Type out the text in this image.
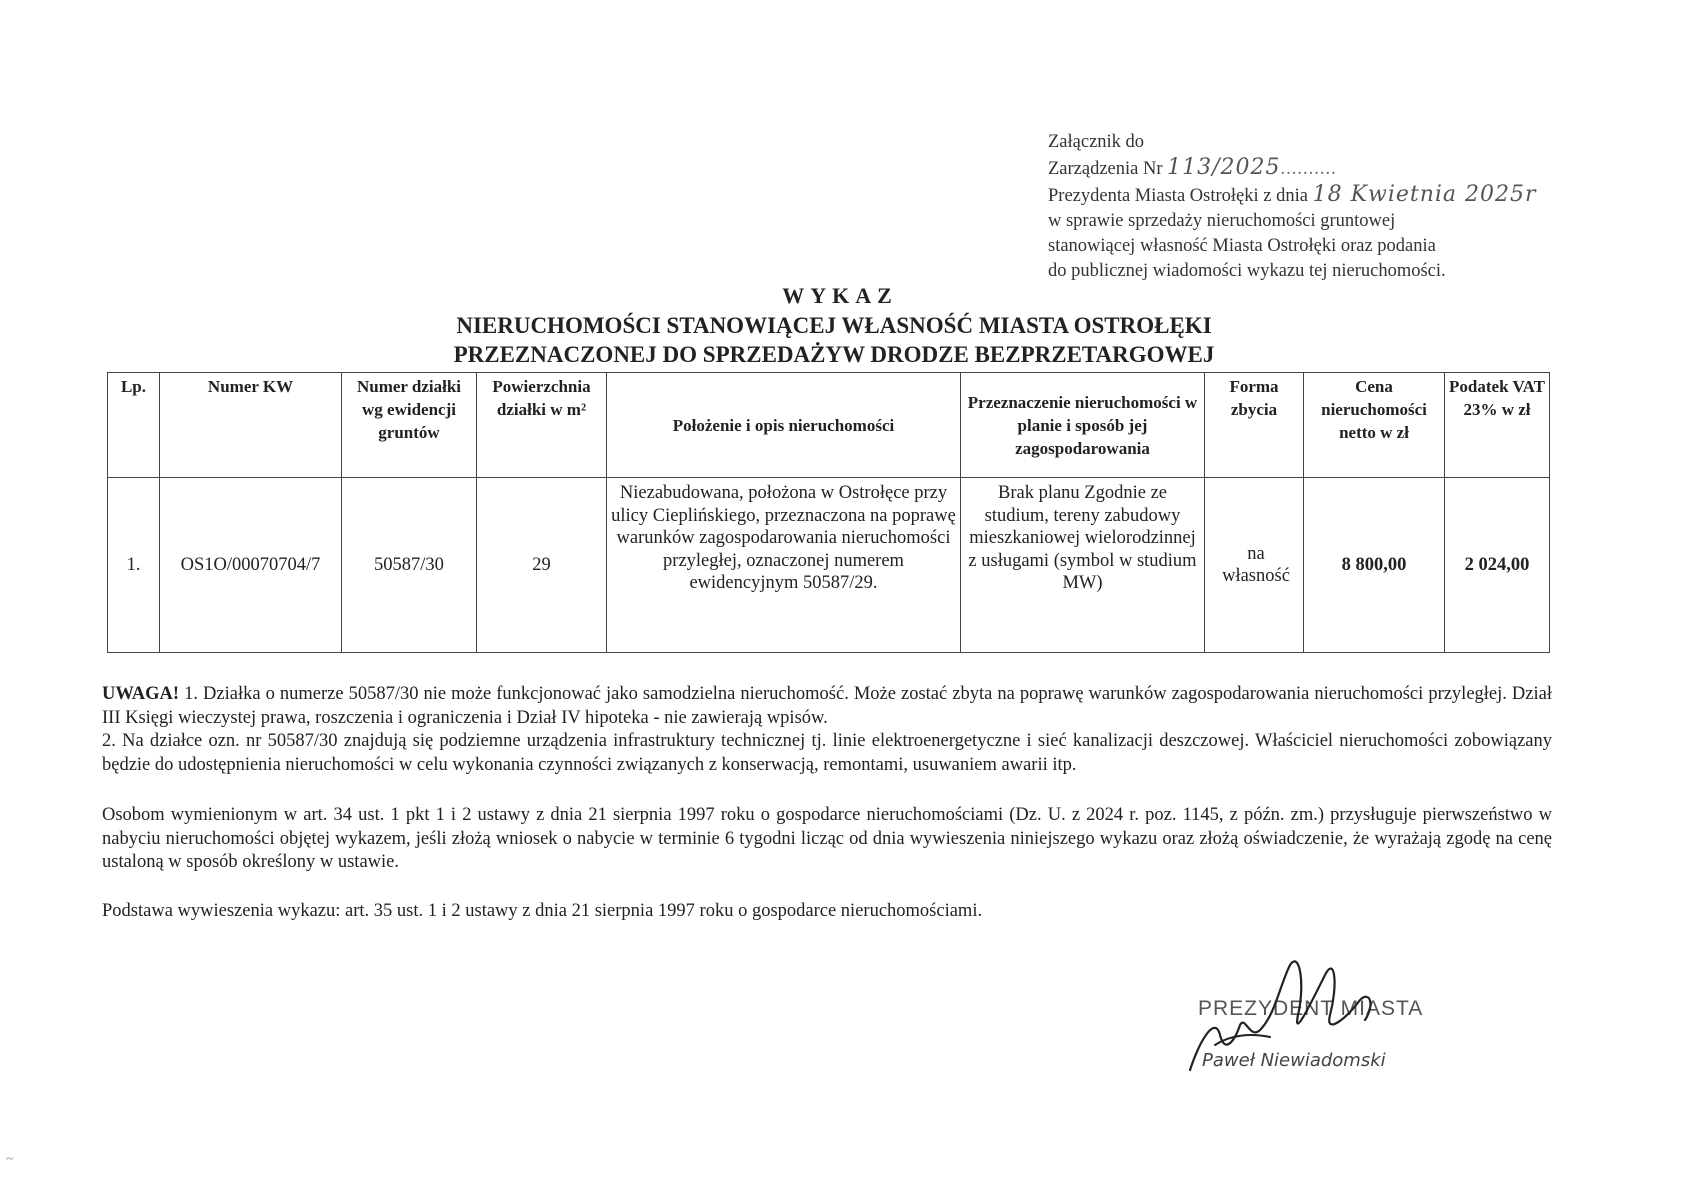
Załącznik do
Zarządzenia Nr 113/2025..........
Prezydenta Miasta Ostrołęki z dnia 18 Kwietnia 2025r
w sprawie sprzedaży nieruchomości gruntowej
stanowiącej własność Miasta Ostrołęki oraz podania
do publicznej wiadomości wykazu tej nieruchomości.
WYKAZ
NIERUCHOMOŚCI STANOWIĄCEJ WŁASNOŚĆ MIASTA OSTROŁĘKI
PRZEZNACZONEJ DO SPRZEDAŻYW DRODZE BEZPRZETARGOWEJ
Lp.	Numer KW	Numer działki wg ewidencji gruntów	Powierzchnia działki w m²	Położenie i opis nieruchomości	Przeznaczenie nieruchomości w planie i sposób jej zagospodarowania	Forma zbycia	Cena nieruchomości netto w zł	Podatek VAT 23% w zł
1.	OS1O/00070704/7	50587/30	29	Niezabudowana, położona w Ostrołęce przy ulicy Cieplińskiego, przeznaczona na poprawę warunków zagospodarowania nieruchomości przyległej, oznaczonej numerem ewidencyjnym 50587/29.	Brak planu Zgodnie ze studium, tereny zabudowy mieszkaniowej wielorodzinnej z usługami (symbol w studium MW)	na własność	8 800,00	2 024,00
UWAGA! 1. Działka o numerze 50587/30 nie może funkcjonować jako samodzielna nieruchomość. Może zostać zbyta na poprawę warunków zagospodarowania nieruchomości przyległej. Dział III Księgi wieczystej prawa, roszczenia i ograniczenia i Dział IV hipoteka - nie zawierają wpisów.
2. Na działce ozn. nr 50587/30 znajdują się podziemne urządzenia infrastruktury technicznej tj. linie elektroenergetyczne i sieć kanalizacji deszczowej. Właściciel nieruchomości zobowiązany będzie do udostępnienia nieruchomości w celu wykonania czynności związanych z konserwacją, remontami, usuwaniem awarii itp.
Osobom wymienionym w art. 34 ust. 1 pkt 1 i 2 ustawy z dnia 21 sierpnia 1997 roku o gospodarce nieruchomościami (Dz. U. z 2024 r. poz. 1145, z późn. zm.) przysługuje pierwszeństwo w nabyciu nieruchomości objętej wykazem, jeśli złożą wniosek o nabycie w terminie 6 tygodni licząc od dnia wywieszenia niniejszego wykazu oraz złożą oświadczenie, że wyrażają zgodę na cenę ustaloną w sposób określony w ustawie.
Podstawa wywieszenia wykazu: art. 35 ust. 1 i 2 ustawy z dnia 21 sierpnia 1997 roku o gospodarce nieruchomościami.
PREZYDENT MIASTA
Paweł Niewiadomski
~
